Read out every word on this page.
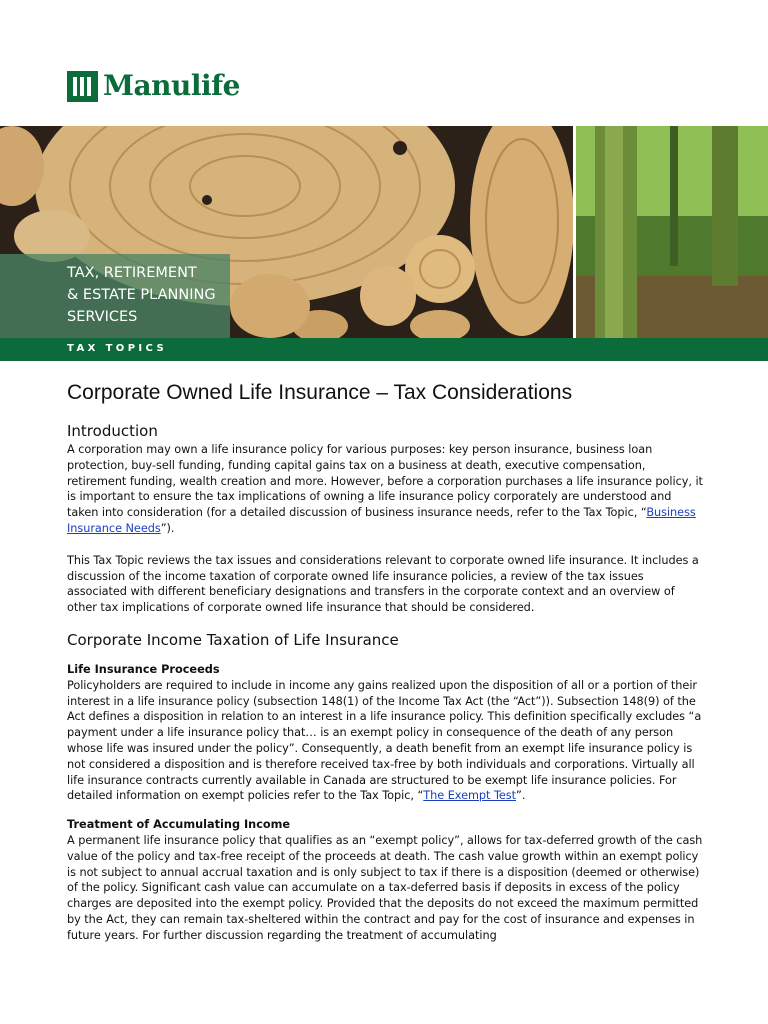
Manulife
TAX, RETIREMENT
& ESTATE PLANNING
SERVICES
TAX TOPICS
Corporate Owned Life Insurance – Tax Considerations
Introduction

A corporation may own a life insurance policy for various purposes: key person insurance, business loan protection, buy-sell funding, funding capital gains tax on a business at death, executive compensation, retirement funding, wealth creation and more. However, before a corporation purchases a life insurance policy, it is important to ensure the tax implications of owning a life insurance policy corporately are understood and taken into consideration (for a detailed discussion of business insurance needs, refer to the Tax Topic, “Business Insurance Needs”).

This Tax Topic reviews the tax issues and considerations relevant to corporate owned life insurance. It includes a discussion of the income taxation of corporate owned life insurance policies, a review of the tax issues associated with different beneficiary designations and transfers in the corporate context and an overview of other tax implications of corporate owned life insurance that should be considered.

Corporate Income Taxation of Life Insurance
Life Insurance Proceeds

Policyholders are required to include in income any gains realized upon the disposition of all or a portion of their interest in a life insurance policy (subsection 148(1) of the Income Tax Act (the “Act”)). Subsection 148(9) of the Act defines a disposition in relation to an interest in a life insurance policy. This definition specifically excludes “a payment under a life insurance policy that… is an exempt policy in consequence of the death of any person whose life was insured under the policy”. Consequently, a death benefit from an exempt life insurance policy is not considered a disposition and is therefore received tax-free by both individuals and corporations. Virtually all life insurance contracts currently available in Canada are structured to be exempt life insurance policies. For detailed information on exempt policies refer to the Tax Topic, “The Exempt Test”.

Treatment of Accumulating Income

A permanent life insurance policy that qualifies as an “exempt policy”, allows for tax-deferred growth of the cash value of the policy and tax-free receipt of the proceeds at death. The cash value growth within an exempt policy is not subject to annual accrual taxation and is only subject to tax if there is a disposition (deemed or otherwise) of the policy. Significant cash value can accumulate on a tax-deferred basis if deposits in excess of the policy charges are deposited into the exempt policy. Provided that the deposits do not exceed the maximum permitted by the Act, they can remain tax-sheltered within the contract and pay for the cost of insurance and expenses in future years. For further discussion regarding the treatment of accumulating
